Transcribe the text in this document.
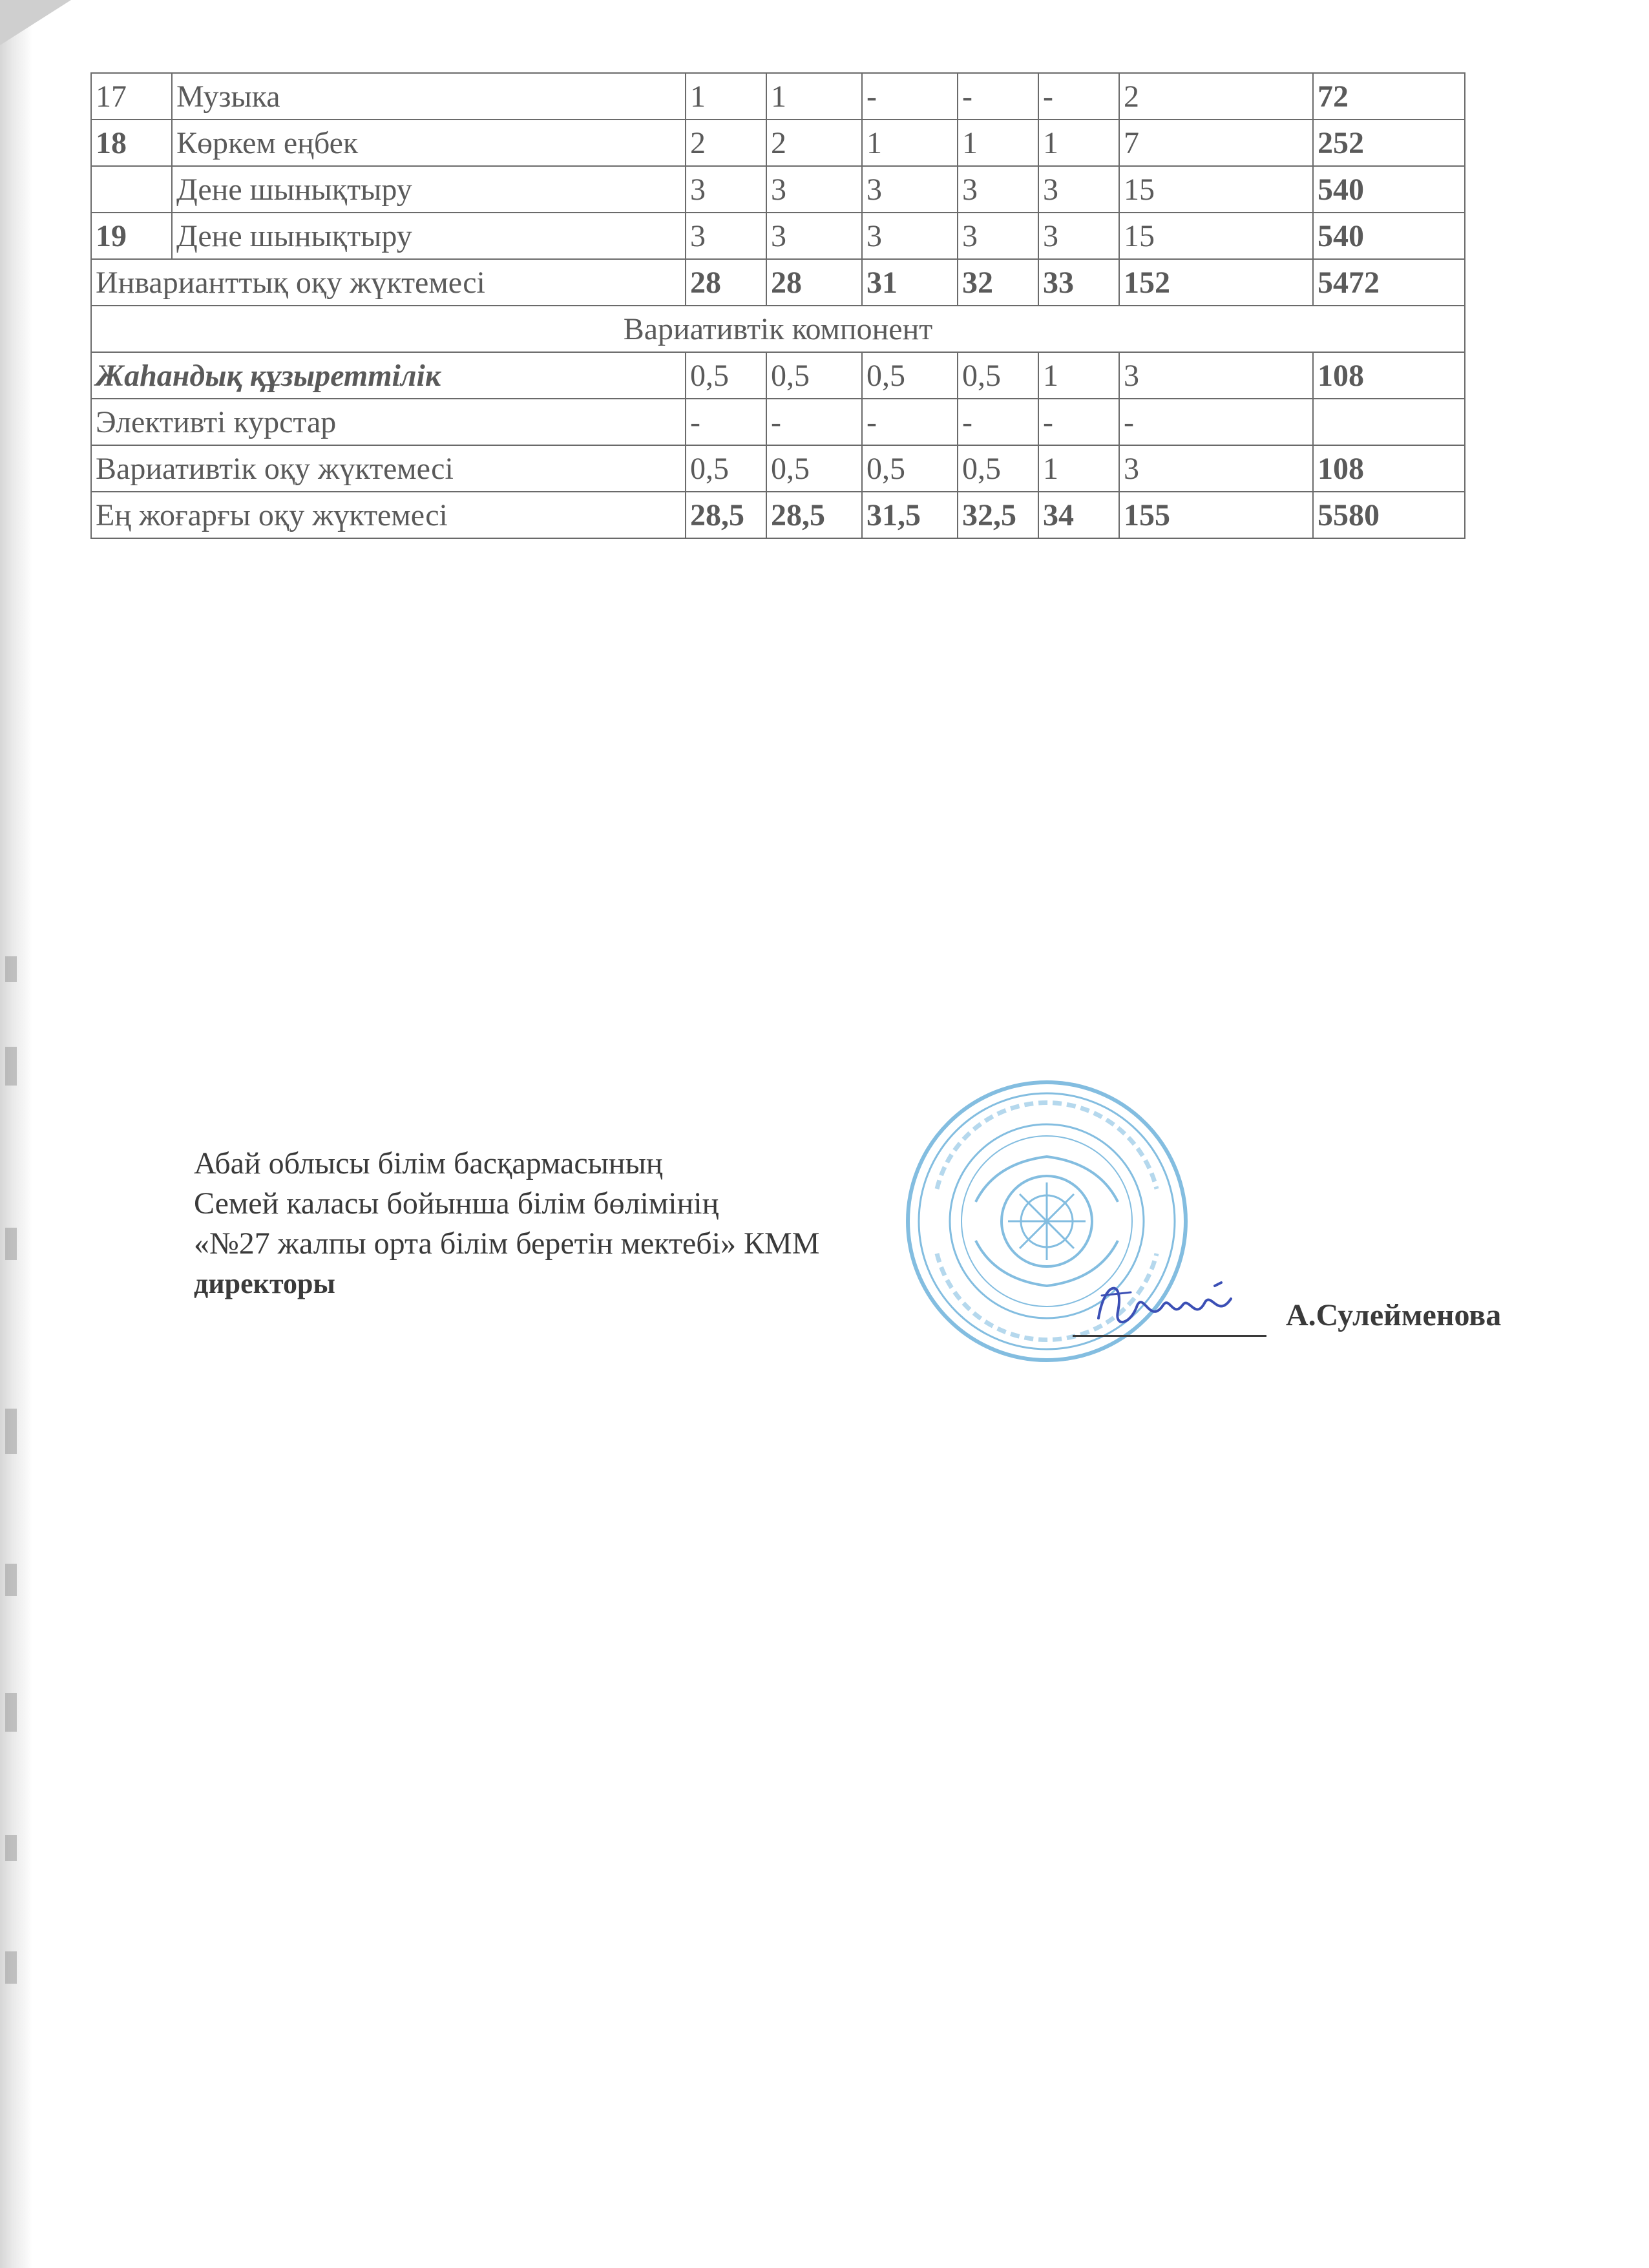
17	Музыка	1	1	-	-	-	2	72
18	Көркем еңбек	2	2	1	1	1	7	252
	Дене шынықтыру	3	3	3	3	3	15	540
19	Дене шынықтыру	3	3	3	3	3	15	540
Инварианттық оқу жүктемесі		28	28	31	32	33	152	5472
Вариативтік компонент								
Жаһандық құзыреттілік		0,5	0,5	0,5	0,5	1	3	108
Элективті курстар		-	-	-	-	-	-	
Вариативтік оқу жүктемесі		0,5	0,5	0,5	0,5	1	3	108
Ең жоғарғы оқу жүктемесі		28,5	28,5	31,5	32,5	34	155	5580
Абай облысы білім басқармасының
Семей каласы бойынша білім бөлімінің
«№27 жалпы орта білім беретін мектебі» КММ
директоры
А.Сулейменова
